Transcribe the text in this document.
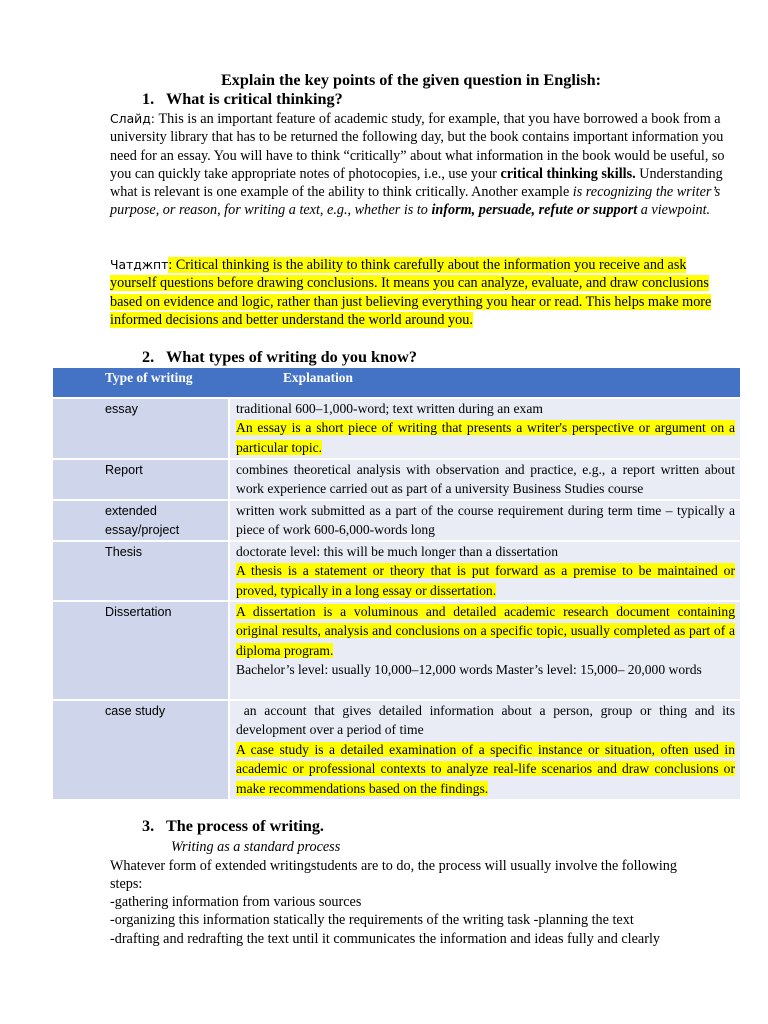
Explain the key points of the given question in English:
1. What is critical thinking?
Слайд: This is an important feature of academic study, for example, that you have borrowed a book from a university library that has to be returned the following day, but the book contains important information you need for an essay. You will have to think “critically” about what information in the book would be useful, so you can quickly take appropriate notes of photocopies, i.e., use your critical thinking skills. Understanding what is relevant is one example of the ability to think critically. Another example is recognizing the writer’s purpose, or reason, for writing a text, e.g., whether is to inform, persuade, refute or support a viewpoint.
Чатджпт: Critical thinking is the ability to think carefully about the information you receive and ask yourself questions before drawing conclusions. It means you can analyze, evaluate, and draw conclusions based on evidence and logic, rather than just believing everything you hear or read. This helps make more informed decisions and better understand the world around you.
2. What types of writing do you know?
Type of writing	Explanation
essay	traditional 600–1,000-word; text written during an exam
An essay is a short piece of writing that presents a writer's perspective or argument on a particular topic.

Report	combines theoretical analysis with observation and practice, e.g., a report written about work experience carried out as part of a university Business Studies course

extended essay/project	written work submitted as a part of the course requirement during term time – typically a piece of work 600-6,000-words long

Thesis	doctorate level: this will be much longer than a dissertation
A thesis is a statement or theory that is put forward as a premise to be maintained or proved, typically in a long essay or dissertation.

Dissertation	A dissertation is a voluminous and detailed academic research document containing original results, analysis and conclusions on a specific topic, usually completed as part of a diploma program.
Bachelor’s level: usually 10,000–12,000 words Master’s level: 15,000– 20,000 words

case study	an account that gives detailed information about a person, group or thing and its development over a period of time
A case study is a detailed examination of a specific instance or situation, often used in academic or professional contexts to analyze real-life scenarios and draw conclusions or make recommendations based on the findings.
3. The process of writing.
Writing as a standard process
Whatever form of extended writingstudents are to do, the process will usually involve the following steps:
-gathering information from various sources
-organizing this information statically the requirements of the writing task -planning the text
-drafting and redrafting the text until it communicates the information and ideas fully and clearly
